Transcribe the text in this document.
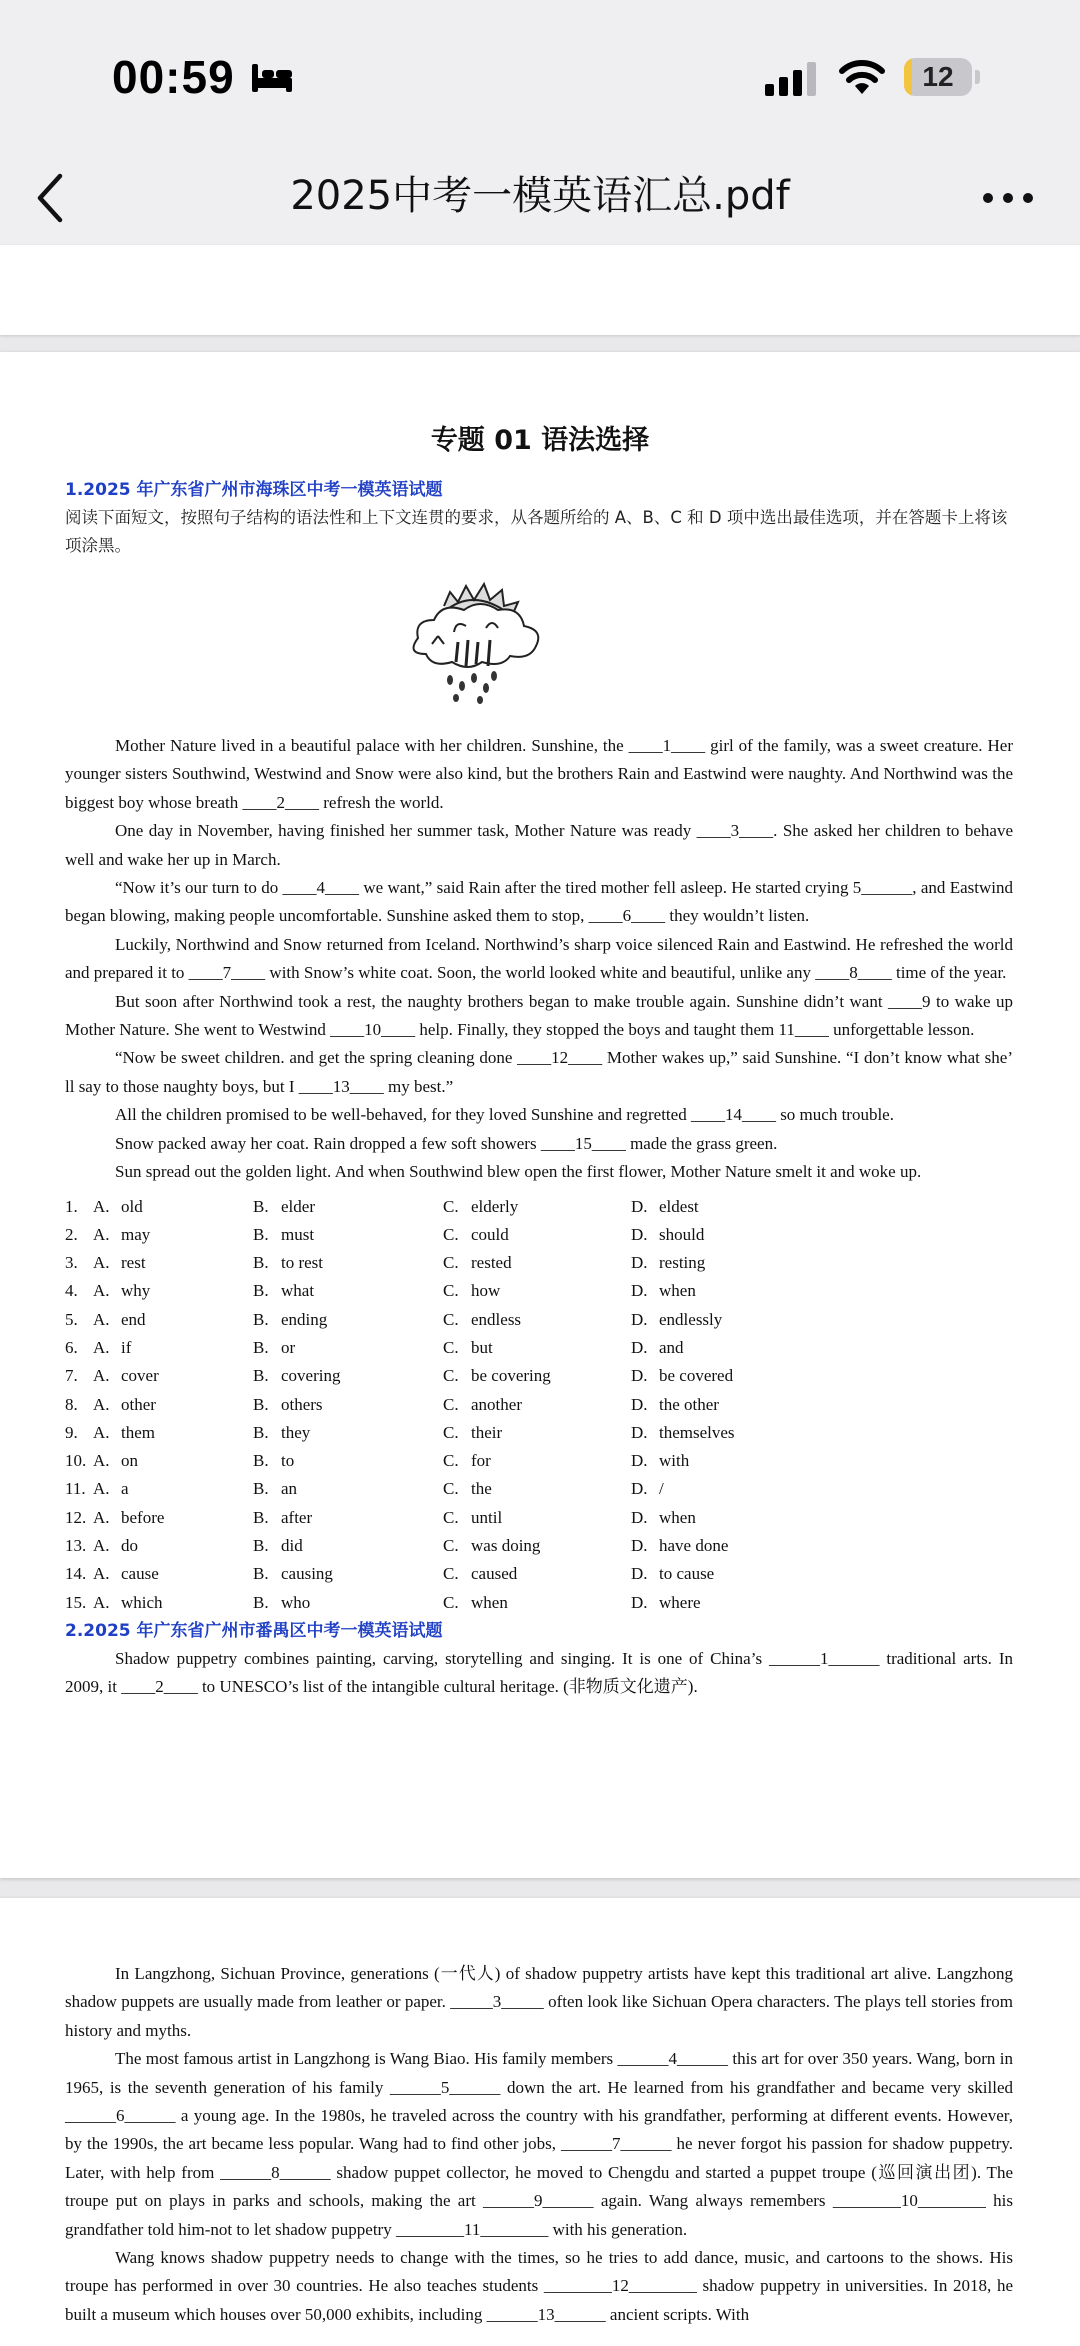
00:59	12
2025中考一模英语汇总.pdf
专题 01 语法选择
1.2025 年广东省广州市海珠区中考一模英语试题
阅读下面短文，按照句子结构的语法性和上下文连贯的要求，从各题所给的 A、B、C 和 D 项中选出最佳选项，并在答题卡上将该项涂黑。

Mother Nature lived in a beautiful palace with her children. Sunshine, the ____1____ girl of the family, was a sweet creature. Her younger sisters Southwind, Westwind and Snow were also kind, but the brothers Rain and Eastwind were naughty. And Northwind was the biggest boy whose breath ____2____ refresh the world.

One day in November, having finished her summer task, Mother Nature was ready ____3____. She asked her children to behave well and wake her up in March.

“Now it’s our turn to do ____4____ we want,” said Rain after the tired mother fell asleep. He started crying 5______, and Eastwind began blowing, making people uncomfortable. Sunshine asked them to stop, ____6____ they wouldn’t listen.

Luckily, Northwind and Snow returned from Iceland. Northwind’s sharp voice silenced Rain and Eastwind. He refreshed the world and prepared it to ____7____ with Snow’s white coat. Soon, the world looked white and beautiful, unlike any ____8____ time of the year.

But soon after Northwind took a rest, the naughty brothers began to make trouble again. Sunshine didn’t want ____9 to wake up Mother Nature. She went to Westwind ____10____ help. Finally, they stopped the boys and taught them 11____ unforgettable lesson.

“Now be sweet children. and get the spring cleaning done ____12____ Mother wakes up,” said Sunshine. “I don’t know what she’ ll say to those naughty boys, but I ____13____ my best.”

All the children promised to be well-behaved, for they loved Sunshine and regretted ____14____ so much trouble.

Snow packed away her coat. Rain dropped a few soft showers ____15____ made the grass green.

Sun spread out the golden light. And when Southwind blew open the first flower, Mother Nature smelt it and woke up.

1. A. old	B. elder	C. elderly	D. eldest
2. A. may	B. must	C. could	D. should
3. A. rest	B. to rest	C. rested	D. resting
4. A. why	B. what	C. how	D. when
5. A. end	B. ending	C. endless	D. endlessly
6. A. if	B. or	C. but	D. and
7. A. cover	B. covering	C. be covering	D. be covered
8. A. other	B. others	C. another	D. the other
9. A. them	B. they	C. their	D. themselves
10. A. on	B. to	C. for	D. with
11. A. a	B. an	C. the	D. /
12. A. before	B. after	C. until	D. when
13. A. do	B. did	C. was doing	D. have done
14. A. cause	B. causing	C. caused	D. to cause
15. A. which	B. who	C. when	D. where
2.2025 年广东省广州市番禺区中考一模英语试题

Shadow puppetry combines painting, carving, storytelling and singing. It is one of China’s ______1______ traditional arts. In 2009, it ____2____ to UNESCO’s list of the intangible cultural heritage. (非物质文化遗产).

In Langzhong, Sichuan Province, generations (一代人) of shadow puppetry artists have kept this traditional art alive. Langzhong shadow puppets are usually made from leather or paper. _____3_____ often look like Sichuan Opera characters. The plays tell stories from history and myths.

The most famous artist in Langzhong is Wang Biao. His family members ______4______ this art for over 350 years. Wang, born in 1965, is the seventh generation of his family ______5______ down the art. He learned from his grandfather and became very skilled ______6______ a young age. In the 1980s, he traveled across the country with his grandfather, performing at different events. However, by the 1990s, the art became less popular. Wang had to find other jobs, ______7______ he never forgot his passion for shadow puppetry. Later, with help from ______8______ shadow puppet collector, he moved to Chengdu and started a puppet troupe (巡回演出团). The troupe put on plays in parks and schools, making the art ______9______ again. Wang always remembers ________10________ his grandfather told him-not to let shadow puppetry ________11________ with his generation.

Wang knows shadow puppetry needs to change with the times, so he tries to add dance, music, and cartoons to the shows. His troupe has performed in over 30 countries. He also teaches students ________12________ shadow puppetry in universities. In 2018, he built a museum which houses over 50,000 exhibits, including ______13______ ancient scripts. With
